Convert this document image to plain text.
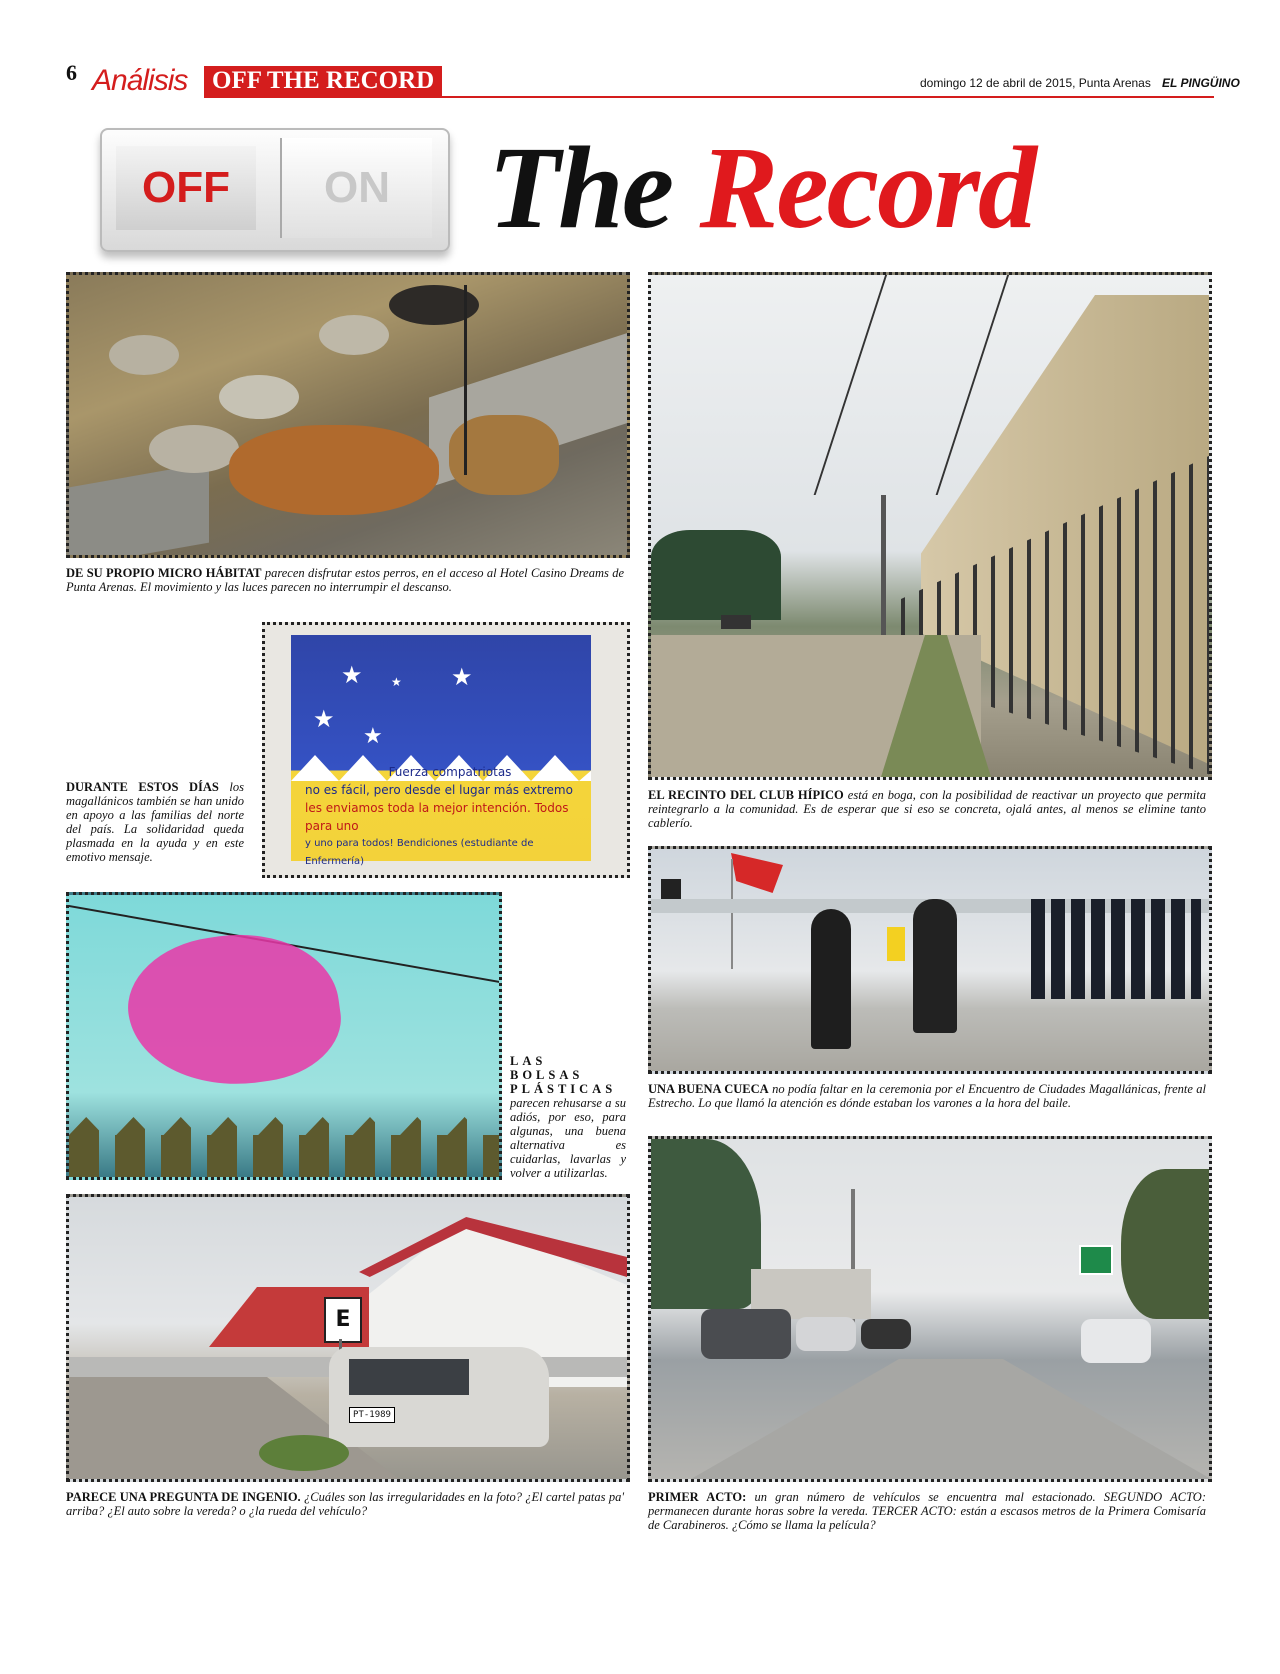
6 Análisis OFF THE RECORD	domingo 12 de abril de 2015, Punta Arenas EL PINGÜINO
OFF	ON The Record
DE SU PROPIO MICRO HÁBITAT parecen disfrutar estos perros, en el acceso al Hotel Casino Dreams de Punta Arenas. El movimiento y las luces parecen no interrumpir el descanso.
EL RECINTO DEL CLUB HÍPICO está en boga, con la posibilidad de reactivar un proyecto que permita reintegrarlo a la comunidad. Es de esperar que si eso se concreta, ojalá antes, al menos se elimine tanto cablerío.
★ ★ ★
★
★
Fuerza compatriotas
no es fácil, pero desde el lugar más extremo
les enviamos toda la mejor intención. Todos para uno
y uno para todos! Bendiciones (estudiante de Enfermería)
DURANTE ESTOS DÍAS los magallánicos también se han unido en apoyo a las familias del norte del país. La solidaridad queda plasmada en la ayuda y en este emotivo mensaje.
UNA BUENA CUECA no podía faltar en la ceremonia por el Encuentro de Ciudades Magallánicas, frente al Estrecho. Lo que llamó la atención es dónde estaban los varones a la hora del baile.
LAS BOLSAS PLÁSTICAS parecen rehusarse a su adiós, por eso, para algunas, una buena alternativa es cuidarlas, lavarlas y volver a utilizarlas.
E
PT-1989
PARECE UNA PREGUNTA DE INGENIO. ¿Cuáles son las irregularidades en la foto? ¿El cartel patas pa' arriba? ¿El auto sobre la vereda? o ¿la rueda del vehículo?
PRIMER ACTO: un gran número de vehículos se encuentra mal estacionado. SEGUNDO ACTO: permanecen durante horas sobre la vereda. TERCER ACTO: están a escasos metros de la Primera Comisaría de Carabineros. ¿Cómo se llama la película?
